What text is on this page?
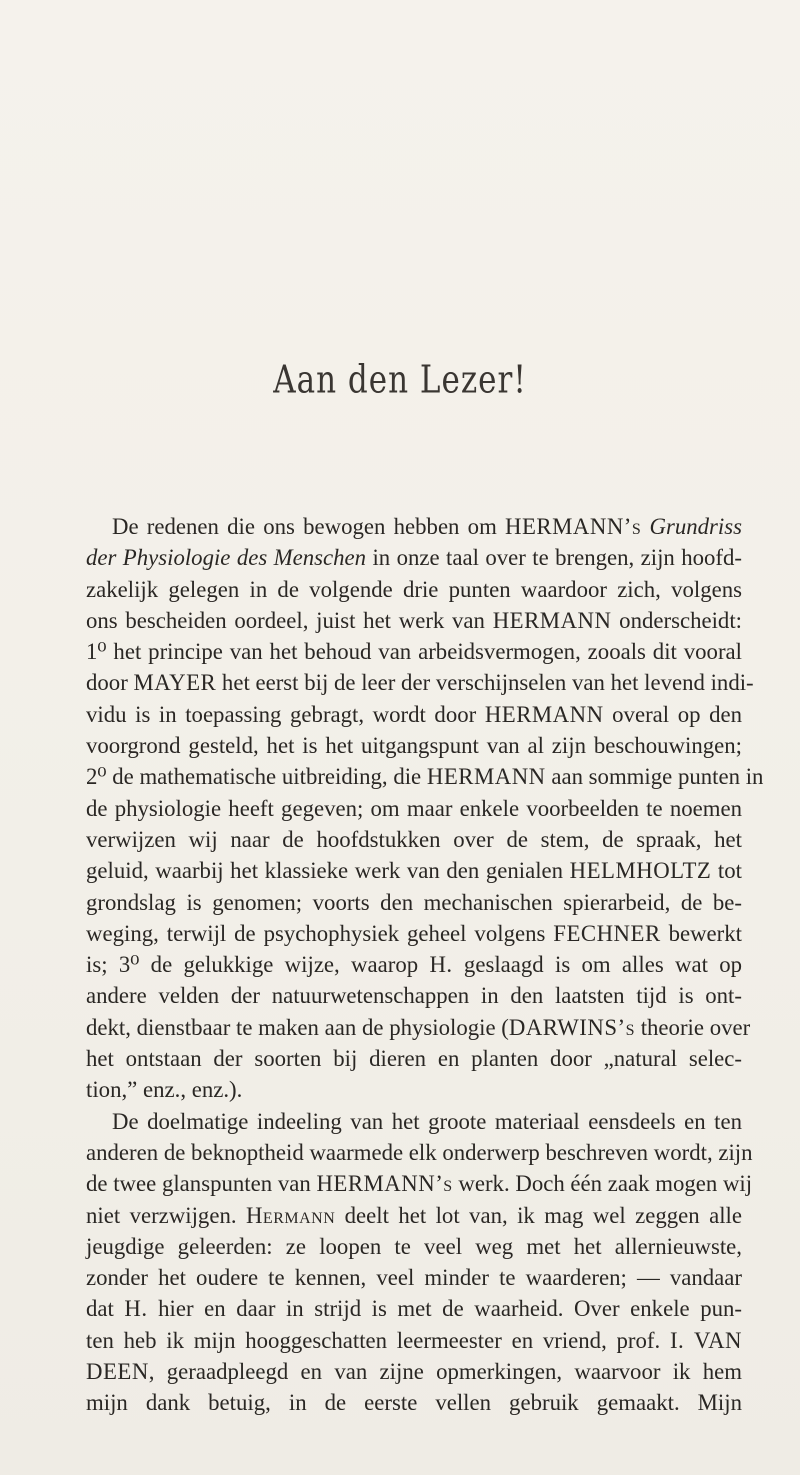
Aan den Lezer!
De redenen die ons bewogen hebben om HERMANN’s Grundriss
der Physiologie des Menschen in onze taal over te brengen, zijn hoofd-
zakelijk gelegen in de volgende drie punten waardoor zich, volgens
ons bescheiden oordeel, juist het werk van HERMANN onderscheidt:
1⁰ het principe van het behoud van arbeidsvermogen, zooals dit vooral
door MAYER het eerst bij de leer der verschijnselen van het levend indi-
vidu is in toepassing gebragt, wordt door HERMANN overal op den
voorgrond gesteld, het is het uitgangspunt van al zijn beschouwingen;
2⁰ de mathematische uitbreiding, die HERMANN aan sommige punten in
de physiologie heeft gegeven; om maar enkele voorbeelden te noemen
verwijzen wij naar de hoofdstukken over de stem, de spraak, het
geluid, waarbij het klassieke werk van den genialen HELMHOLTZ tot
grondslag is genomen; voorts den mechanischen spierarbeid, de be-
weging, terwijl de psychophysiek geheel volgens FECHNER bewerkt
is; 3⁰ de gelukkige wijze, waarop H. geslaagd is om alles wat op
andere velden der natuurwetenschappen in den laatsten tijd is ont-
dekt, dienstbaar te maken aan de physiologie (DARWINS’s theorie over
het ontstaan der soorten bij dieren en planten door „natural selec-
tion,” enz., enz.).
De doelmatige indeeling van het groote materiaal eensdeels en ten
anderen de beknoptheid waarmede elk onderwerp beschreven wordt, zijn
de twee glanspunten van HERMANN’s werk. Doch één zaak mogen wij
niet verzwijgen. Hermann deelt het lot van, ik mag wel zeggen alle
jeugdige geleerden: ze loopen te veel weg met het allernieuwste,
zonder het oudere te kennen, veel minder te waarderen; — vandaar
dat H. hier en daar in strijd is met de waarheid. Over enkele pun-
ten heb ik mijn hooggeschatten leermeester en vriend, prof. I. VAN
DEEN, geraadpleegd en van zijne opmerkingen, waarvoor ik hem
mijn dank betuig, in de eerste vellen gebruik gemaakt. Mijn
